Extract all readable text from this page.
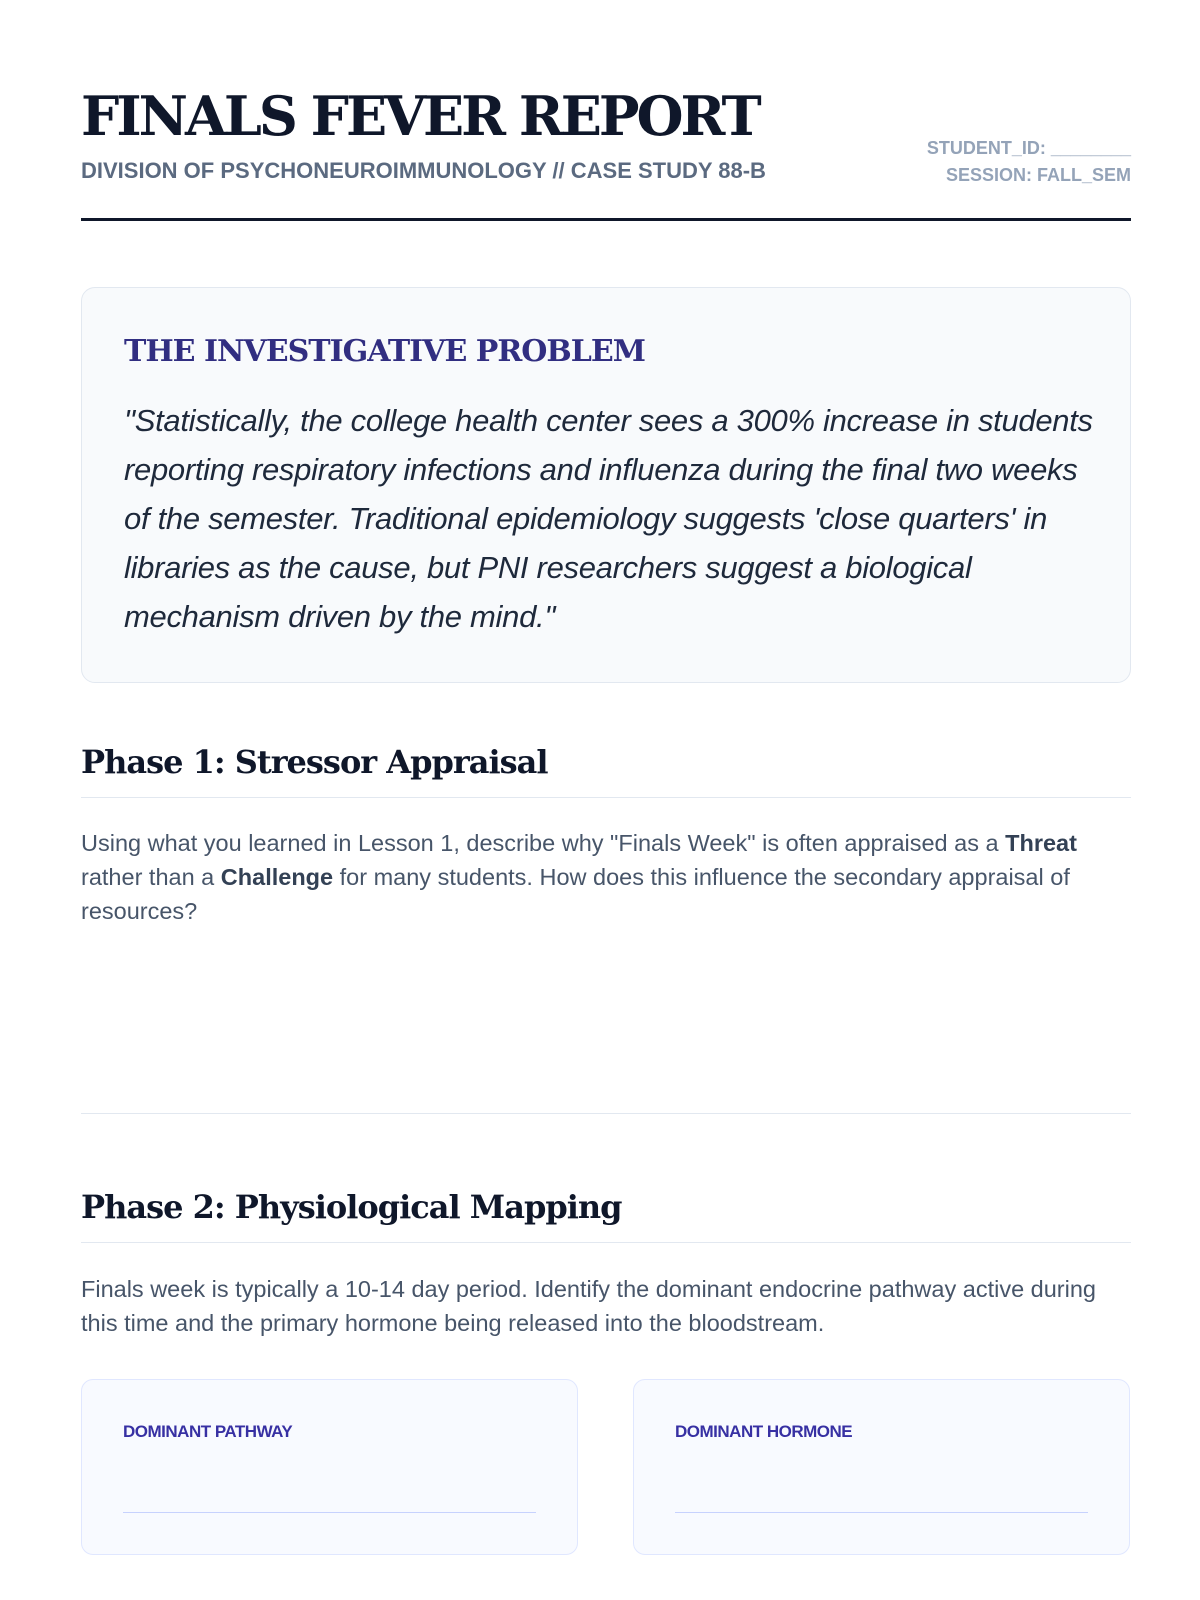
FINALS FEVER REPORT
DIVISION OF PSYCHONEUROIMMUNOLOGY // CASE STUDY 88-B
STUDENT_ID: ________
SESSION: FALL_SEM
THE INVESTIGATIVE PROBLEM

"Statistically, the college health center sees a 300% increase in students reporting respiratory infections and influenza during the final two weeks of the semester. Traditional epidemiology suggests 'close quarters' in libraries as the cause, but PNI researchers suggest a biological mechanism driven by the mind."

Phase 1: Stressor Appraisal

Using what you learned in Lesson 1, describe why "Finals Week" is often appraised as a Threat rather than a Challenge for many students. How does this influence the secondary appraisal of resources?

Phase 2: Physiological Mapping

Finals week is typically a 10-14 day period. Identify the dominant endocrine pathway active during this time and the primary hormone being released into the bloodstream.

DOMINANT PATHWAY	DOMINANT HORMONE
